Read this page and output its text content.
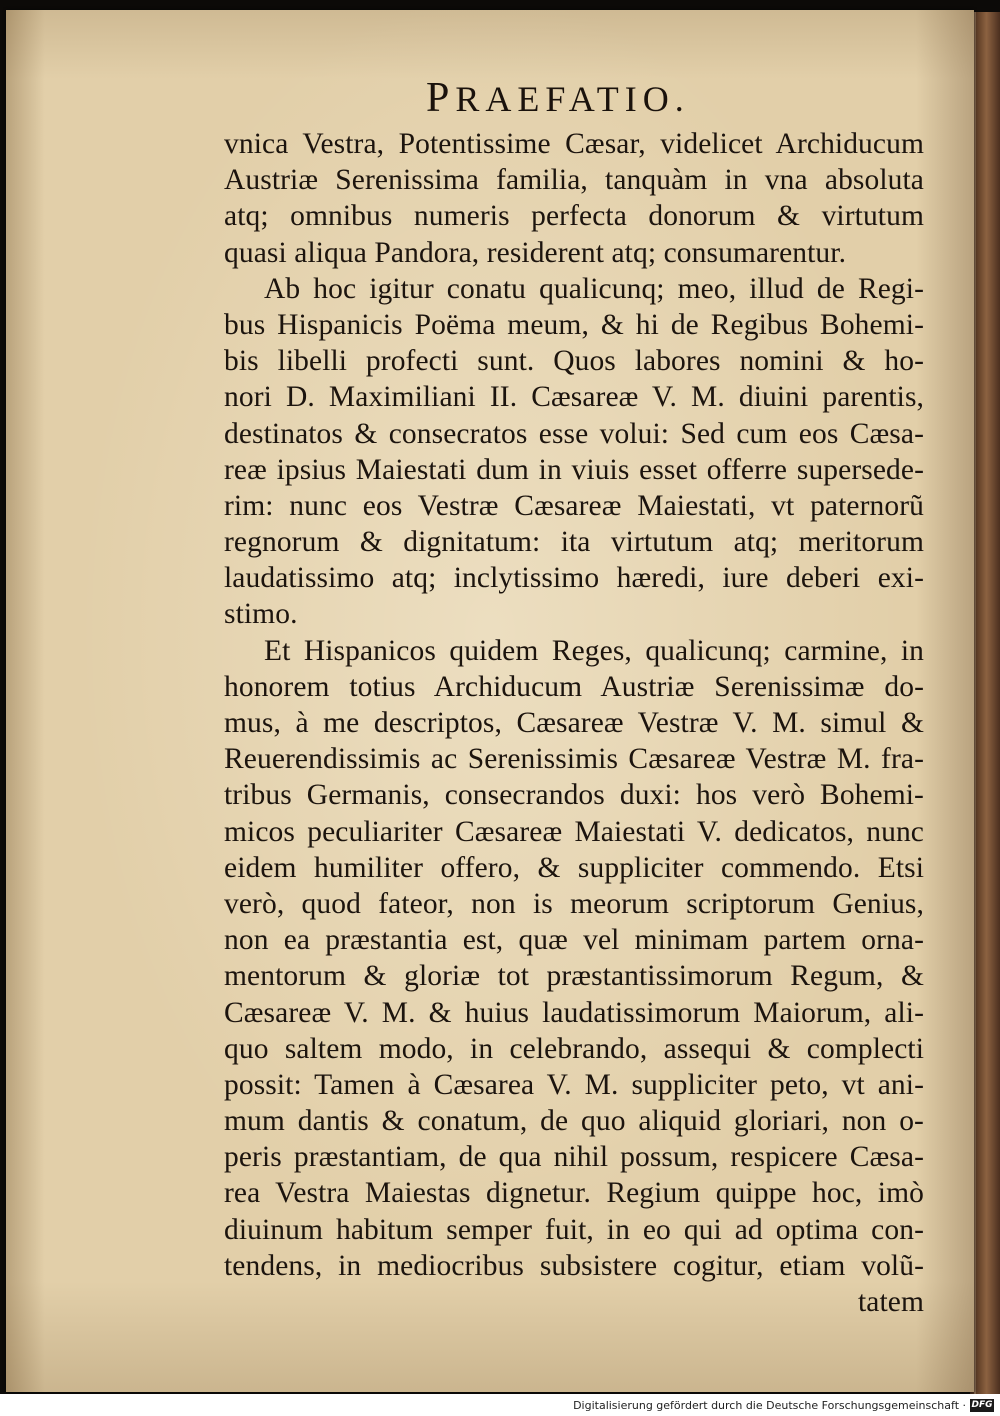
PRAEFATIO.
vnica Vestra, Potentissime Cæsar, videlicet Archiducum
Austriæ Serenissima familia, tanquàm in vna absoluta
atq; omnibus numeris perfecta donorum & virtutum
quasi aliqua Pandora, residerent atq; consumarentur.
Ab hoc igitur conatu qualicunq; meo, illud de Regi-
bus Hispanicis Poëma meum, & hi de Regibus Bohemi-
bis libelli profecti sunt. Quos labores nomini & ho-
nori D. Maximiliani II. Cæsareæ V. M. diuini parentis,
destinatos & consecratos esse volui: Sed cum eos Cæsa-
reæ ipsius Maiestati dum in viuis esset offerre supersede-
rim: nunc eos Vestræ Cæsareæ Maiestati, vt paternorũ
regnorum & dignitatum: ita virtutum atq; meritorum
laudatissimo atq; inclytissimo hæredi, iure deberi exi-
stimo.
Et Hispanicos quidem Reges, qualicunq; carmine, in
honorem totius Archiducum Austriæ Serenissimæ do-
mus, à me descriptos, Cæsareæ Vestræ V. M. simul &
Reuerendissimis ac Serenissimis Cæsareæ Vestræ M. fra-
tribus Germanis, consecrandos duxi: hos verò Bohemi-
micos peculiariter Cæsareæ Maiestati V. dedicatos, nunc
eidem humiliter offero, & suppliciter commendo. Etsi
verò, quod fateor, non is meorum scriptorum Genius,
non ea præstantia est, quæ vel minimam partem orna-
mentorum & gloriæ tot præstantissimorum Regum, &
Cæsareæ V. M. & huius laudatissimorum Maiorum, ali-
quo saltem modo, in celebrando, assequi & complecti
possit: Tamen à Cæsarea V. M. suppliciter peto, vt ani-
mum dantis & conatum, de quo aliquid gloriari, non o-
peris præstantiam, de qua nihil possum, respicere Cæsa-
rea Vestra Maiestas dignetur. Regium quippe hoc, imò
diuinum habitum semper fuit, in eo qui ad optima con-
tendens, in mediocribus subsistere cogitur, etiam volũ-
tatem
Digitalisierung gefördert durch die Deutsche Forschungsgemeinschaft · DFG
